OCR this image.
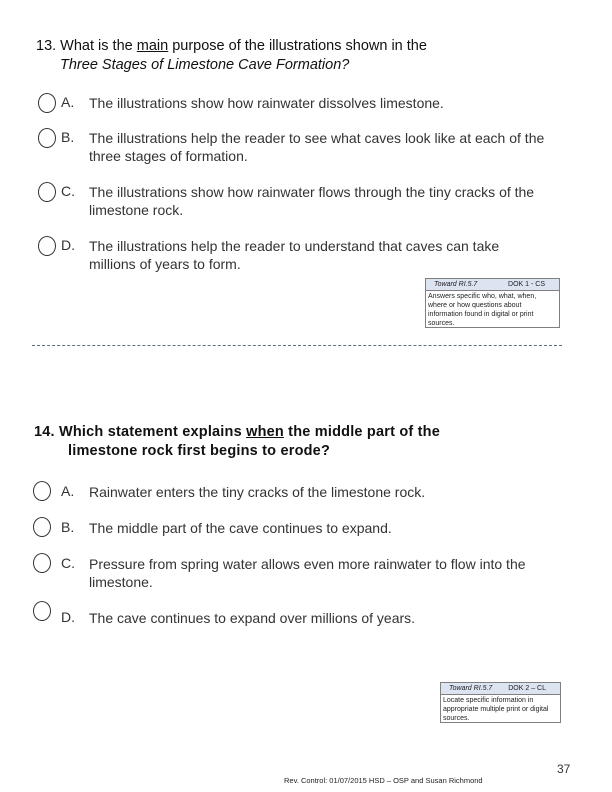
13. What is the main purpose of the illustrations shown in the
Three Stages of Limestone Cave Formation?
A. The illustrations show how rainwater dissolves limestone.
B. The illustrations help the reader to see what caves look like at each of the three stages of formation.
C. The illustrations show how rainwater flows through the tiny cracks of the limestone rock.
D. The illustrations help the reader to understand that caves can take millions of years to form.
Toward RI.5.7	DOK 1 - CS
Answers specific who, what, when, where or how questions about information found in digital or print sources.
14. Which statement explains when the middle part of the
limestone rock first begins to erode?
A. Rainwater enters the tiny cracks of the limestone rock.
B. The middle part of the cave continues to expand.
C. Pressure from spring water allows even more rainwater to flow into the limestone.
D. The cave continues to expand over millions of years.
Toward RI.5.7 DOK 2 – CL
Locate specific information in appropriate multiple print or digital sources.
37
Rev. Control: 01/07/2015 HSD – OSP and Susan Richmond
